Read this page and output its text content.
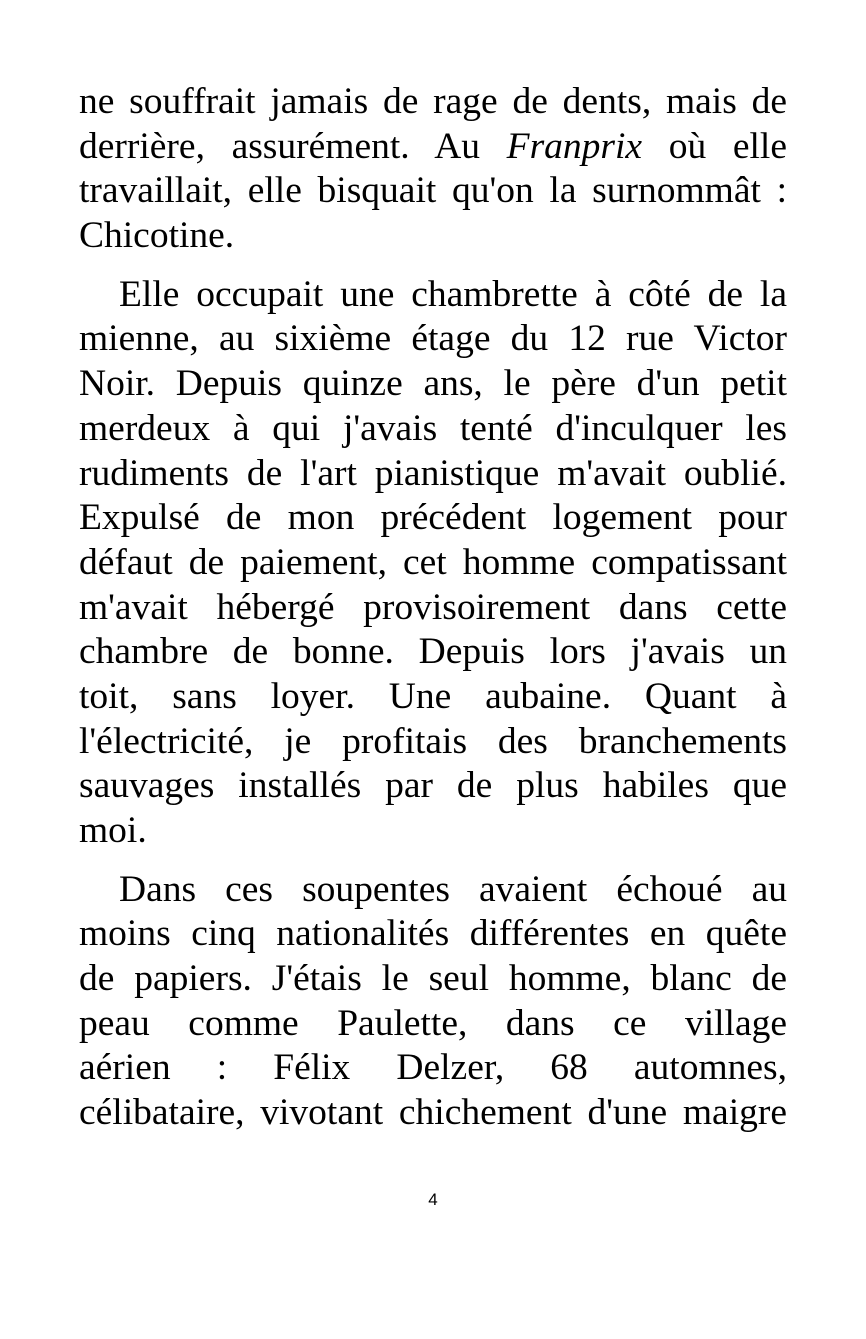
ne souffrait jamais de rage de dents, mais de
derrière, assurément. Au Franprix où elle
travaillait, elle bisquait qu'on la surnommât :
Chicotine.
Elle occupait une chambrette à côté de la
mienne, au sixième étage du 12 rue Victor
Noir. Depuis quinze ans, le père d'un petit
merdeux à qui j'avais tenté d'inculquer les
rudiments de l'art pianistique m'avait oublié.
Expulsé de mon précédent logement pour
défaut de paiement, cet homme compatissant
m'avait hébergé provisoirement dans cette
chambre de bonne. Depuis lors j'avais un
toit, sans loyer. Une aubaine. Quant à
l'électricité, je profitais des branchements
sauvages installés par de plus habiles que
moi.
Dans ces soupentes avaient échoué au
moins cinq nationalités différentes en quête
de papiers. J'étais le seul homme, blanc de
peau comme Paulette, dans ce village
aérien : Félix Delzer, 68 automnes,
célibataire, vivotant chichement d'une maigre
4
